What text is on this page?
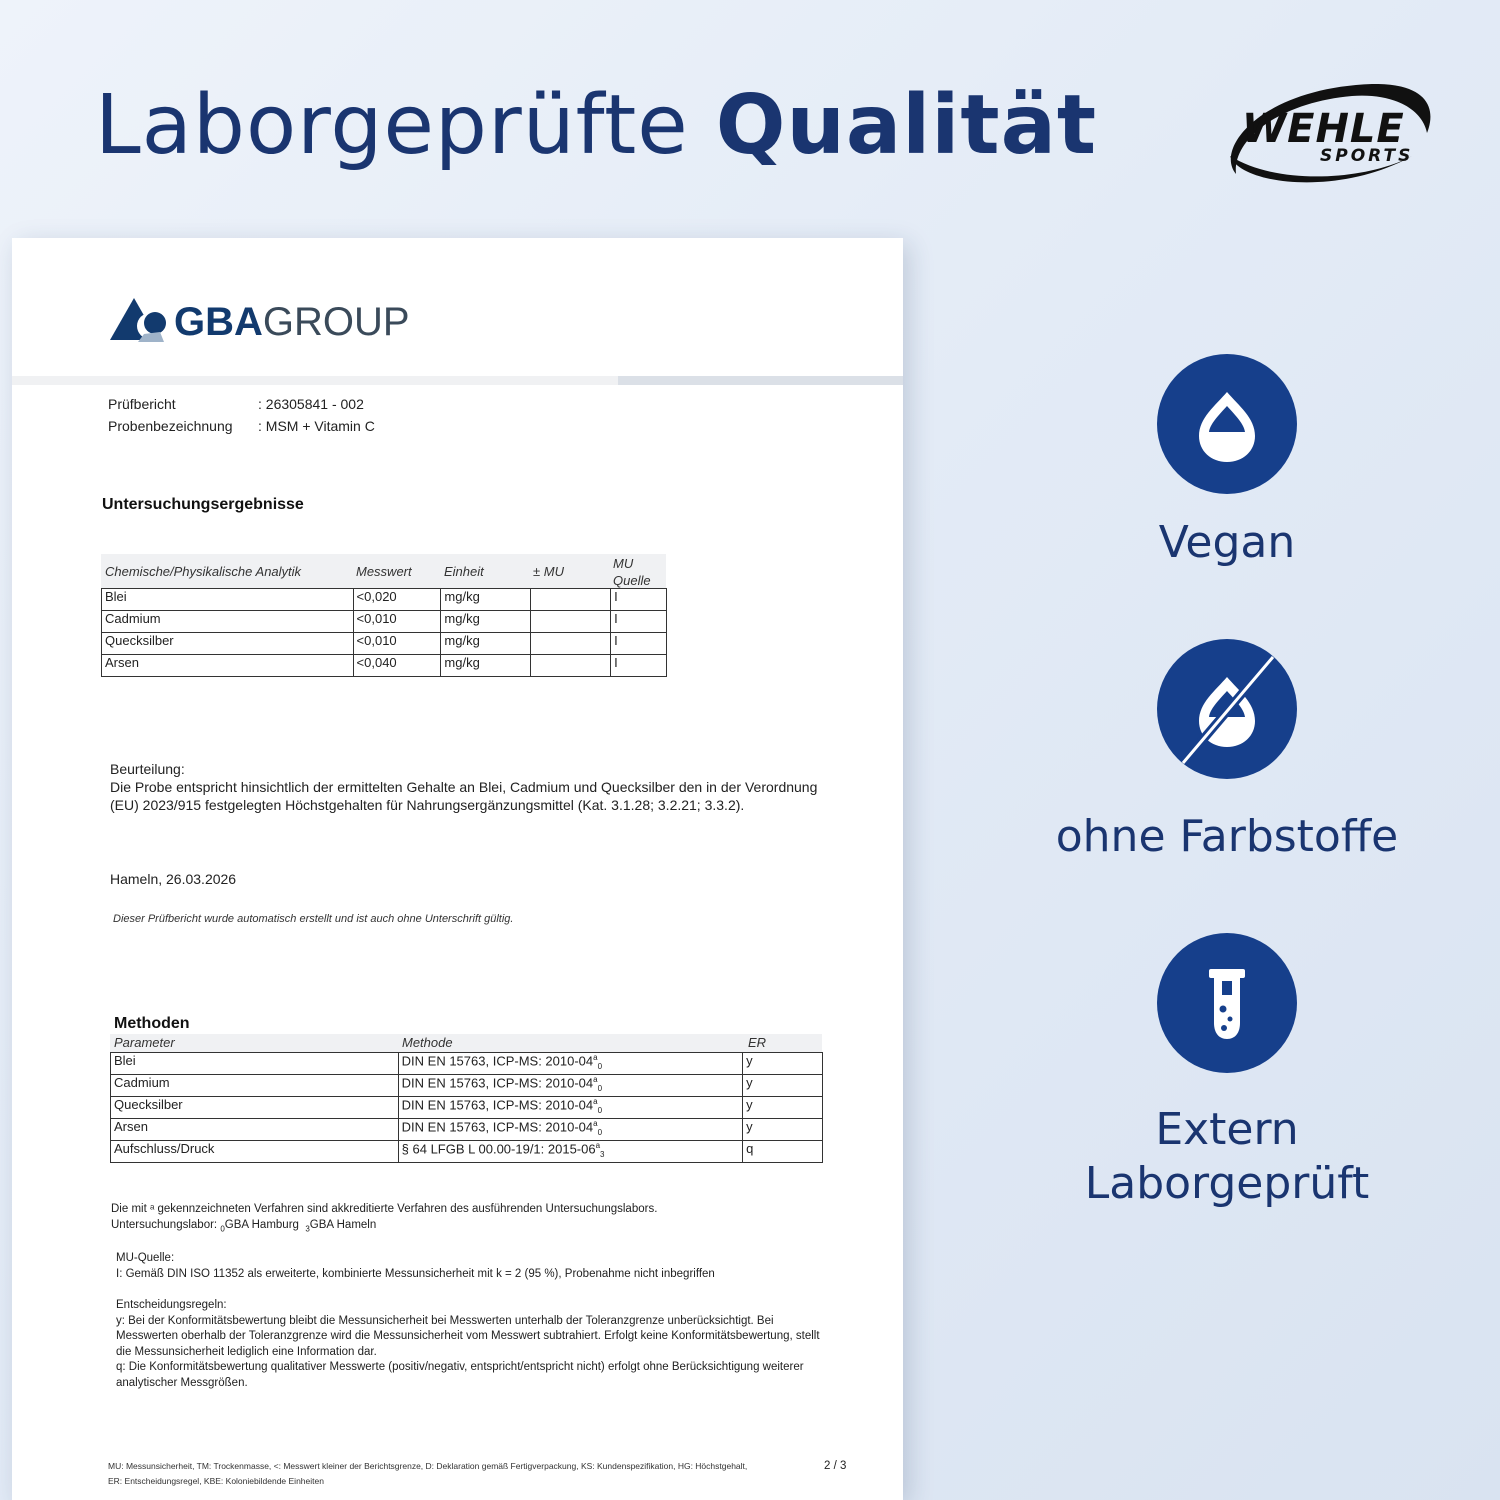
Laborgeprüfte Qualität	WEHLE
SPORTS
GBAGROUP
Prüfbericht	: 26305841 - 002
Probenbezeichnung : MSM + Vitamin C
Untersuchungsergebnisse
Chemische/Physikalische Analytik	Messwert Einheit	± MU
MU
Quelle
Blei	<0,020	mg/kg		I
Cadmium	<0,010	mg/kg		I
Quecksilber	<0,010	mg/kg		I
Arsen	<0,040	mg/kg		I
Beurteilung:
Die Probe entspricht hinsichtlich der ermittelten Gehalte an Blei, Cadmium und Quecksilber den in der Verordnung (EU) 2023/915 festgelegten Höchstgehalten für Nahrungsergänzungsmittel (Kat. 3.1.28; 3.2.21; 3.3.2).
Hameln, 26.03.2026
Dieser Prüfbericht wurde automatisch erstellt und ist auch ohne Unterschrift gültig.
Methoden
Parameter	Methode	ER
Blei	DIN EN 15763, ICP-MS: $2010-04^a_0$	y
Cadmium	DIN EN 15763, ICP-MS: $2010-04^a_0$	y
Quecksilber	DIN EN 15763, ICP-MS: $2010-04^a_0$	y
Arsen	DIN EN 15763, ICP-MS: $2010-04^a_0$	y
Aufschluss/Druck	§ 64 LFGB L 00.00-19/1: $2015-06^a_3$	q
Die mit ᵃ gekennzeichneten Verfahren sind akkreditierte Verfahren des ausführenden Untersuchungslabors.
Untersuchungslabor: $_0$GBA Hamburg $_3$GBA Hameln
MU-Quelle:
I: Gemäß DIN ISO 11352 als erweiterte, kombinierte Messunsicherheit mit k = 2 (95 %), Probenahme nicht inbegriffen
Entscheidungsregeln:
y: Bei der Konformitätsbewertung bleibt die Messunsicherheit bei Messwerten unterhalb der Toleranzgrenze unberücksichtigt. Bei Messwerten oberhalb der Toleranzgrenze wird die Messunsicherheit vom Messwert subtrahiert. Erfolgt keine Konformitätsbewertung, stellt die Messunsicherheit lediglich eine Information dar.
q: Die Konformitätsbewertung qualitativer Messwerte (positiv/negativ, entspricht/entspricht nicht) erfolgt ohne Berücksichtigung weiterer analytischer Messgrößen.
MU: Messunsicherheit, TM: Trockenmasse, <: Messwert kleiner der Berichtsgrenze, D: Deklaration gemäß Fertigverpackung, KS: Kundenspezifikation, HG: Höchstgehalt,
ER: Entscheidungsregel, KBE: Koloniebildende Einheiten
2 / 3
Vegan
ohne Farbstoffe
Extern
Laborgeprüft
